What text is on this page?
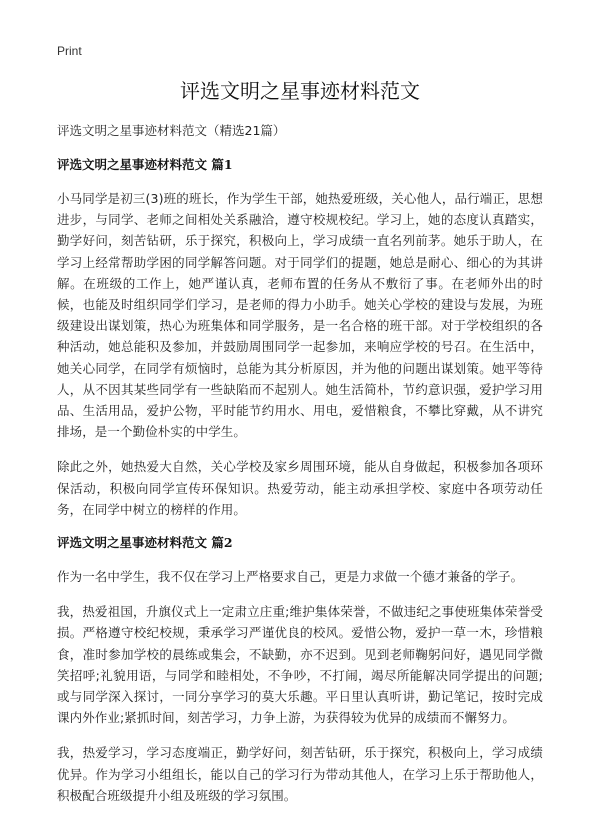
Print
评选文明之星事迹材料范文
评选文明之星事迹材料范文（精选21篇）
评选文明之星事迹材料范文 篇1

小马同学是初三(3)班的班长，作为学生干部，她热爱班级，关心他人，品行端正，思想进步，与同学、老师之间相处关系融洽，遵守校规校纪。学习上，她的态度认真踏实，勤学好问，刻苦钻研，乐于探究，积极向上，学习成绩一直名列前茅。她乐于助人，在学习上经常帮助学困的同学解答问题。对于同学们的提题，她总是耐心、细心的为其讲解。在班级的工作上，她严谨认真，老师布置的任务从不敷衍了事。在老师外出的时候，也能及时组织同学们学习，是老师的得力小助手。她关心学校的建设与发展，为班级建设出谋划策，热心为班集体和同学服务，是一名合格的班干部。对于学校组织的各种活动，她总能积及参加，并鼓励周围同学一起参加，来响应学校的号召。在生活中，她关心同学，在同学有烦恼时，总能为其分析原因，并为他的问题出谋划策。她平等待人，从不因其某些同学有一些缺陷而不起别人。她生活简朴，节约意识强，爱护学习用品、生活用品，爱护公物，平时能节约用水、用电，爱惜粮食，不攀比穿戴，从不讲究排场，是一个勤俭朴实的中学生。

除此之外，她热爱大自然，关心学校及家乡周围环境，能从自身做起，积极参加各项环保活动，积极向同学宣传环保知识。热爱劳动，能主动承担学校、家庭中各项劳动任务，在同学中树立的榜样的作用。

评选文明之星事迹材料范文 篇2

作为一名中学生，我不仅在学习上严格要求自己，更是力求做一个德才兼备的学子。

我，热爱祖国，升旗仪式上一定肃立庄重;维护集体荣誉，不做违纪之事使班集体荣誉受损。严格遵守校纪校规，秉承学习严谨优良的校风。爱惜公物，爱护一草一木，珍惜粮食，准时参加学校的晨练或集会，不缺勤，亦不迟到。见到老师鞠躬问好，遇见同学微笑招呼;礼貌用语，与同学和睦相处，不争吵，不打闹，竭尽所能解决同学提出的问题;或与同学深入探讨，一同分享学习的莫大乐趣。平日里认真听讲，勤记笔记，按时完成课内外作业;紧抓时间，刻苦学习，力争上游，为获得较为优异的成绩而不懈努力。

我，热爱学习，学习态度端正，勤学好问，刻苦钻研，乐于探究，积极向上，学习成绩优异。作为学习小组组长，能以自己的学习行为带动其他人，在学习上乐于帮助他人，积极配合班级提升小组及班级的学习氛围。
